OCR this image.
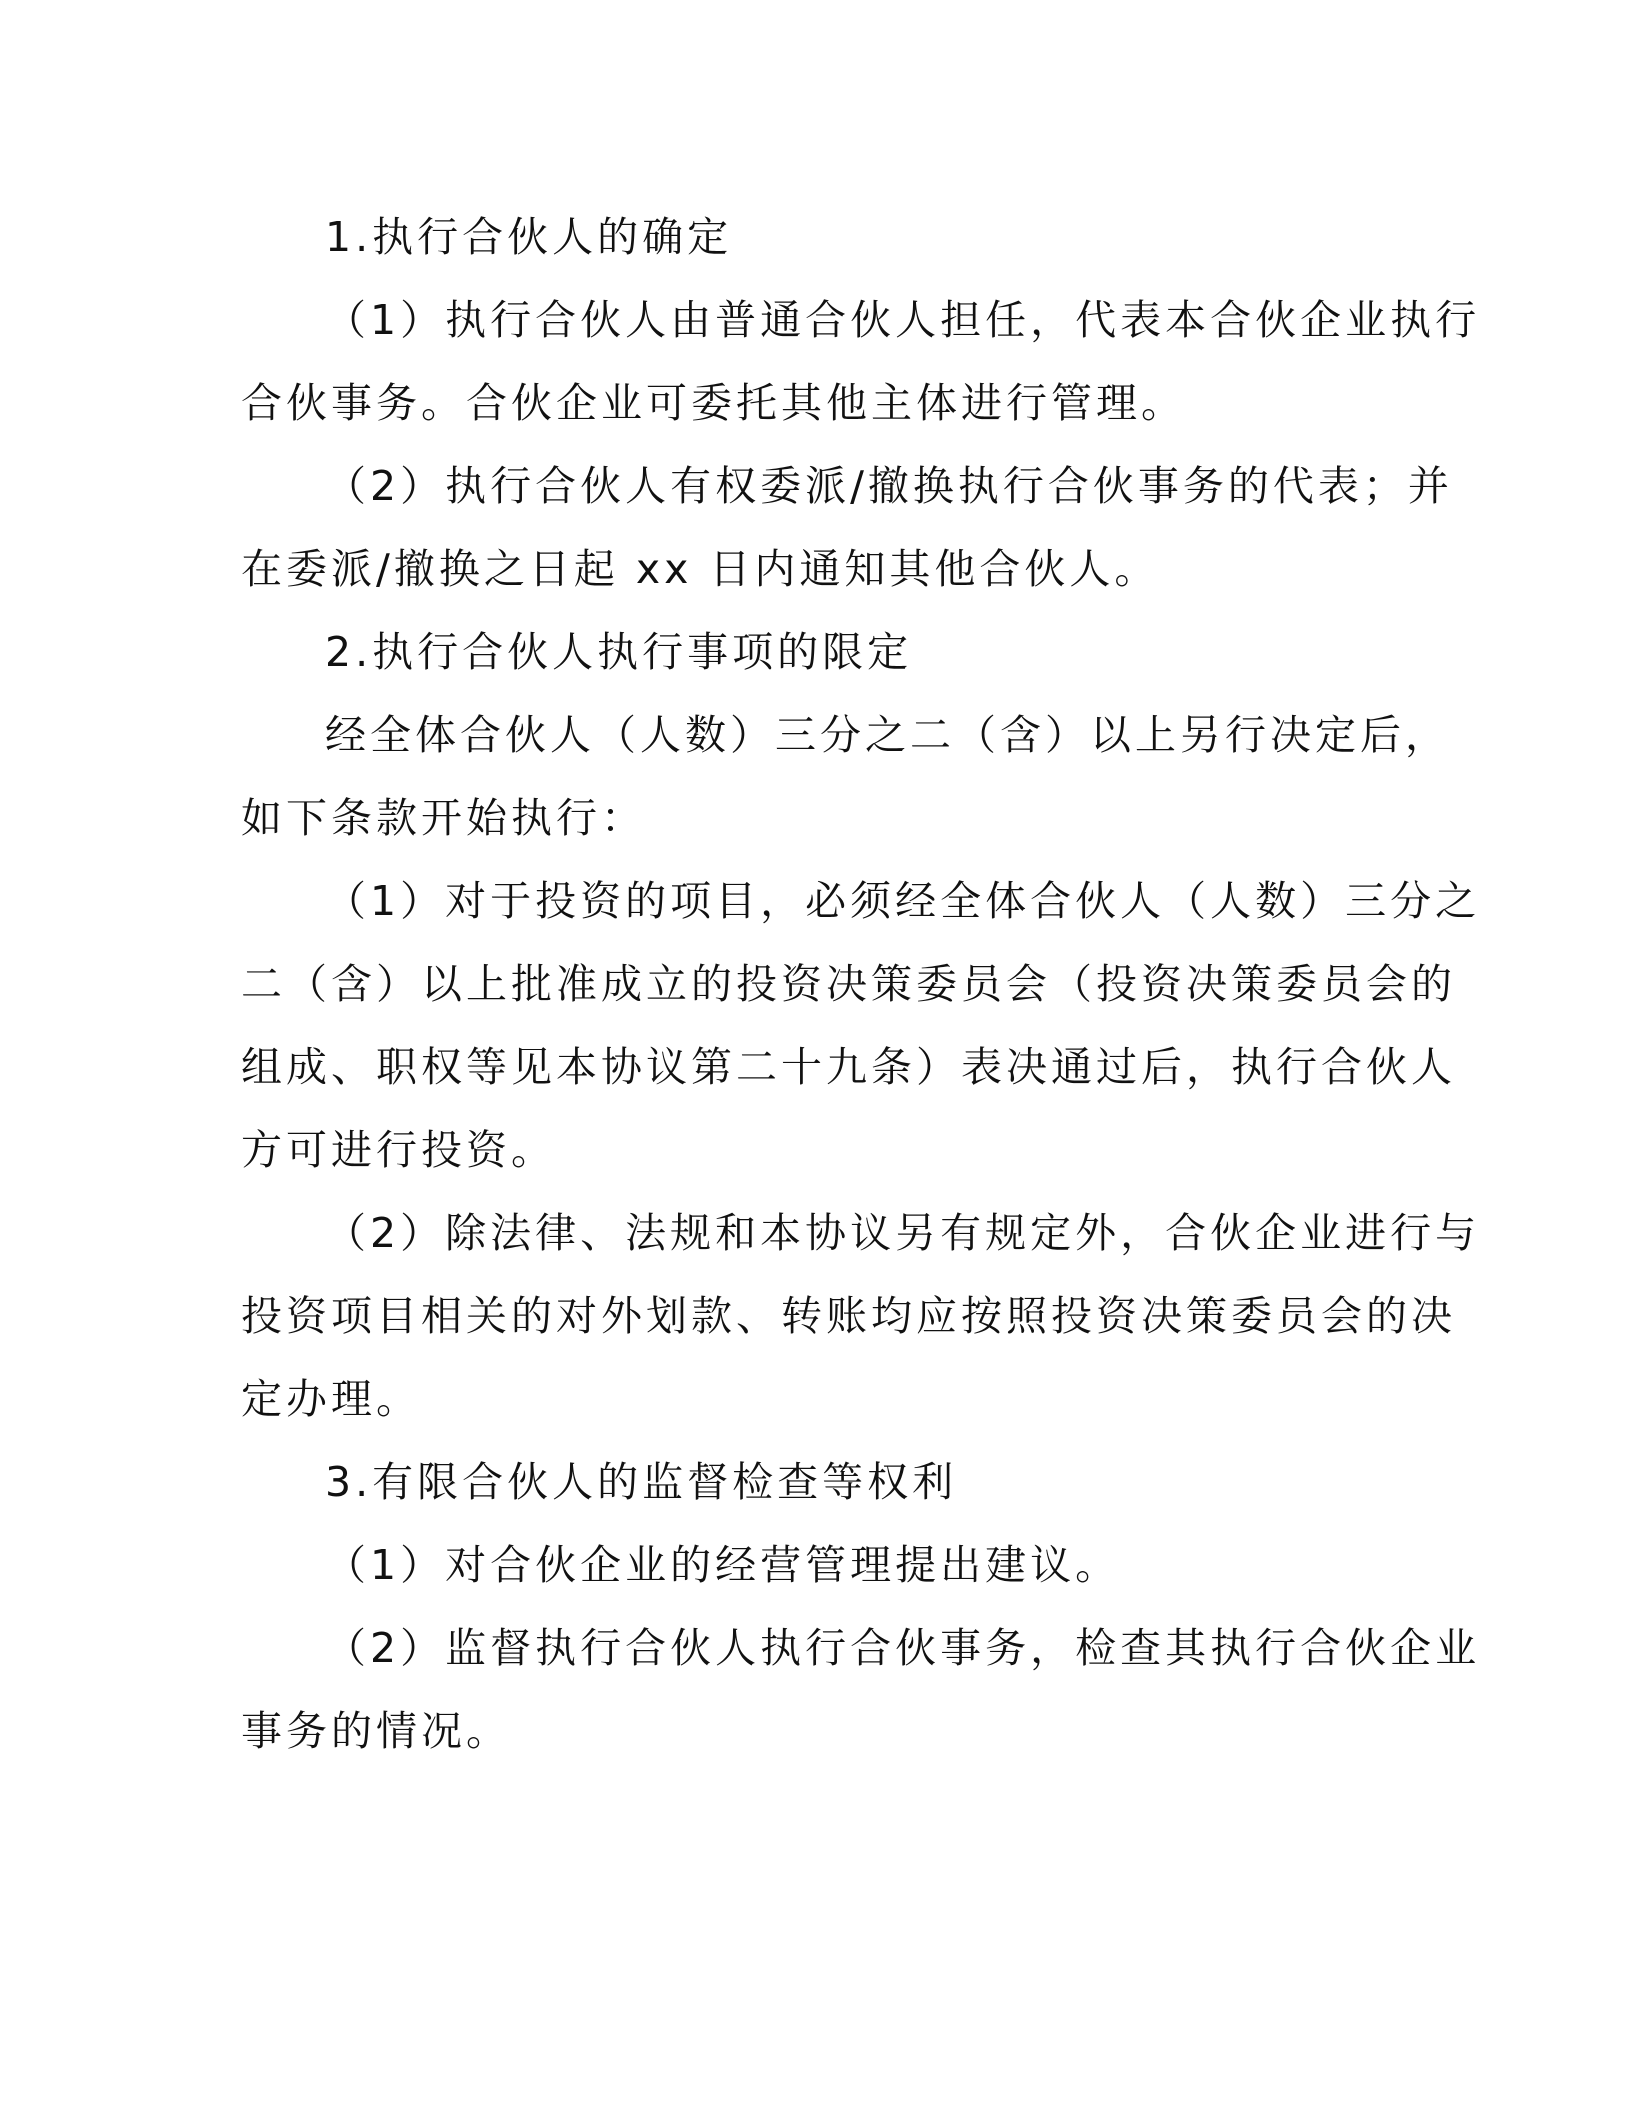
1.执行合伙人的确定
（1）执行合伙人由普通合伙人担任，代表本合伙企业执行
合伙事务。合伙企业可委托其他主体进行管理。
（2）执行合伙人有权委派/撤换执行合伙事务的代表；并
在委派/撤换之日起 xx 日内通知其他合伙人。
2.执行合伙人执行事项的限定
经全体合伙人（人数）三分之二（含）以上另行决定后，
如下条款开始执行：
（1）对于投资的项目，必须经全体合伙人（人数）三分之
二（含）以上批准成立的投资决策委员会（投资决策委员会的
组成、职权等见本协议第二十九条）表决通过后，执行合伙人
方可进行投资。
（2）除法律、法规和本协议另有规定外，合伙企业进行与
投资项目相关的对外划款、转账均应按照投资决策委员会的决
定办理。
3.有限合伙人的监督检查等权利
（1）对合伙企业的经营管理提出建议。
（2）监督执行合伙人执行合伙事务，检查其执行合伙企业
事务的情况。
